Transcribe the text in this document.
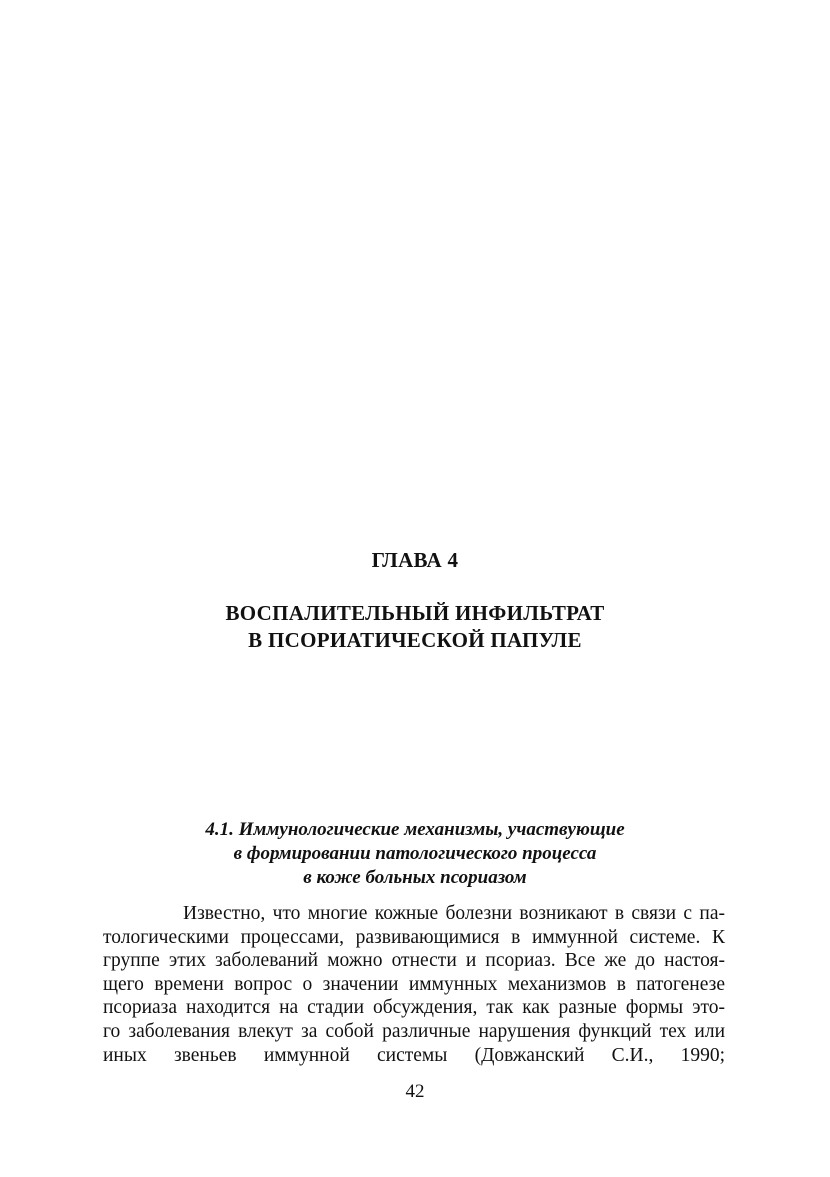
ГЛАВА 4
ВОСПАЛИТЕЛЬНЫЙ ИНФИЛЬТРАТ
В ПСОРИАТИЧЕСКОЙ ПАПУЛЕ
4.1. Иммунологические механизмы, участвующие
в формировании патологического процесса
в коже больных псориазом
Известно, что многие кожные болезни возникают в связи с па-
тологическими процессами, развивающимися в иммунной системе. К
группе этих заболеваний можно отнести и псориаз. Все же до настоя-
щего времени вопрос о значении иммунных механизмов в патогенезе
псориаза находится на стадии обсуждения, так как разные формы это-
го заболевания влекут за собой различные нарушения функций тех или
иных звеньев иммунной системы (Довжанский С.И., 1990;
42
